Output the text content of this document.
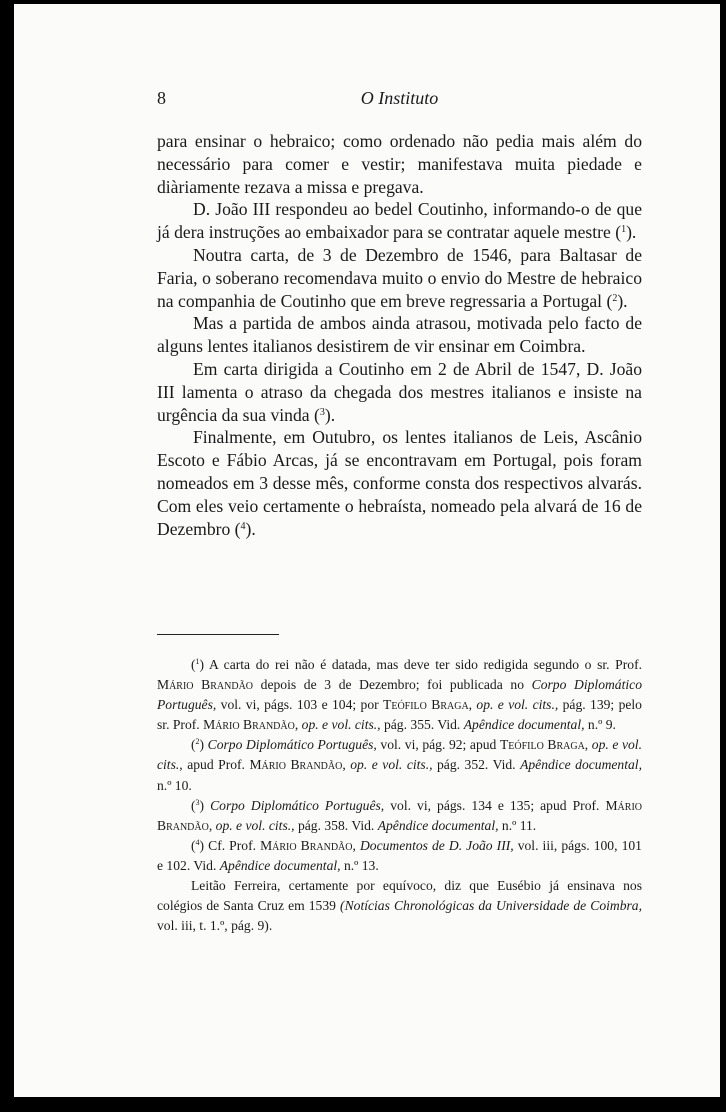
8	O Instituto

para ensinar o hebraico; como ordenado não pedia mais além do necessário para comer e vestir; manifestava muita piedade e diàriamente rezava a missa e pregava.

D. João III respondeu ao bedel Coutinho, informando-o de que já dera instruções ao embaixador para se contratar aquele mestre ($^1$).

Noutra carta, de 3 de Dezembro de 1546, para Baltasar de Faria, o soberano recomendava muito o envio do Mestre de hebraico na companhia de Coutinho que em breve regressaria a Portugal ($^2$).

Mas a partida de ambos ainda atrasou, motivada pelo facto de alguns lentes italianos desistirem de vir ensinar em Coimbra.

Em carta dirigida a Coutinho em 2 de Abril de 1547, D. João III lamenta o atraso da chegada dos mestres italianos e insiste na urgência da sua vinda ($^3$).

Finalmente, em Outubro, os lentes italianos de Leis, Ascânio Escoto e Fábio Arcas, já se encontravam em Portugal, pois foram nomeados em 3 desse mês, conforme consta dos respectivos alvarás. Com eles veio certamente o hebraísta, nomeado pela alvará de 16 de Dezembro ($^4$).

($^1$) A carta do rei não é datada, mas deve ter sido redigida segundo o sr. Prof. Mário Brandão depois de 3 de Dezembro; foi publicada no Corpo Diplomático Português, vol. vi, págs. 103 e 104; por Teófilo Braga, op. e vol. cits., pág. 139; pelo sr. Prof. Mário Brandão, op. e vol. cits., pág. 355. Vid. Apêndice documental, n.º 9.

($^2$) Corpo Diplomático Português, vol. vi, pág. 92; apud Teófilo Braga, op. e vol. cits., apud Prof. Mário Brandão, op. e vol. cits., pág. 352. Vid. Apêndice documental, n.º 10.

($^3$) Corpo Diplomático Português, vol. vi, págs. 134 e 135; apud Prof. Mário Brandão, op. e vol. cits., pág. 358. Vid. Apêndice documental, n.º 11.

($^4$) Cf. Prof. Mário Brandão, Documentos de D. João III, vol. iii, págs. 100, 101 e 102. Vid. Apêndice documental, n.º 13.

Leitão Ferreira, certamente por equívoco, diz que Eusébio já ensinava nos colégios de Santa Cruz em 1539 (Notícias Chronológicas da Universidade de Coimbra, vol. iii, t. 1.º, pág. 9).
